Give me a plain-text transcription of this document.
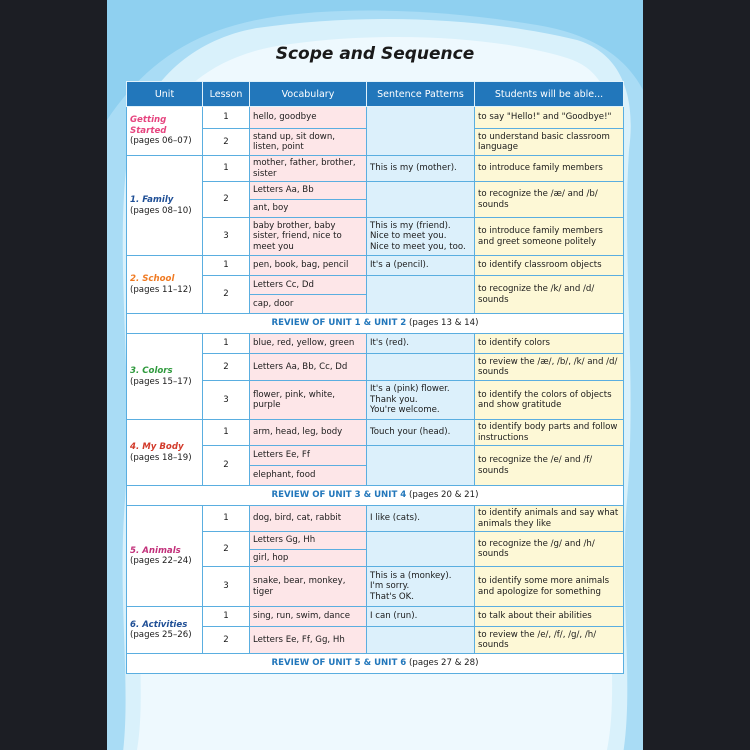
Scope and Sequence
Unit	Lesson	Vocabulary	Sentence Patterns	Students will be able...

Getting Started
(pages 06–07)	1	hello, goodbye		to say "Hello!" and "Goodbye!"
	2	stand up, sit down, listen, point		to understand basic classroom language

1. Family
(pages 08–10)	1	mother, father, brother, sister	This is my (mother).	to introduce family members
	2	Letters Aa, Bb		to recognize the /æ/ and /b/ sounds
		ant, boy		
	3	baby brother, baby sister, friend, nice to meet you	This is my (friend).
Nice to meet you.
Nice to meet you, too.	to introduce family members and greet someone politely

2. School
(pages 11–12)	1	pen, book, bag, pencil	It's a (pencil).	to identify classroom objects
	2	Letters Cc, Dd		to recognize the /k/ and /d/ sounds
		cap, door		
REVIEW OF UNIT 1 & UNIT 2 (pages 13 & 14)				

3. Colors
(pages 15–17)	1	blue, red, yellow, green	It's (red).	to identify colors
	2	Letters Aa, Bb, Cc, Dd		to review the /æ/, /b/, /k/ and /d/ sounds
	3	flower, pink, white, purple	It's a (pink) flower.
Thank you.
You're welcome.	to identify the colors of objects and show gratitude

4. My Body
(pages 18–19)	1	arm, head, leg, body	Touch your (head).	to identify body parts and follow instructions
	2	Letters Ee, Ff		to recognize the /e/ and /f/ sounds
		elephant, food		
REVIEW OF UNIT 3 & UNIT 4 (pages 20 & 21)				

5. Animals
(pages 22–24)	1	dog, bird, cat, rabbit	I like (cats).	to identify animals and say what animals they like
	2	Letters Gg, Hh		to recognize the /g/ and /h/ sounds
		girl, hop		
	3	snake, bear, monkey, tiger	This is a (monkey).
I'm sorry.
That's OK.	to identify some more animals and apologize for something

6. Activities
(pages 25–26)	1	sing, run, swim, dance	I can (run).	to talk about their abilities
	2	Letters Ee, Ff, Gg, Hh		to review the /e/, /f/, /g/, /h/ sounds
REVIEW OF UNIT 5 & UNIT 6 (pages 27 & 28)				
